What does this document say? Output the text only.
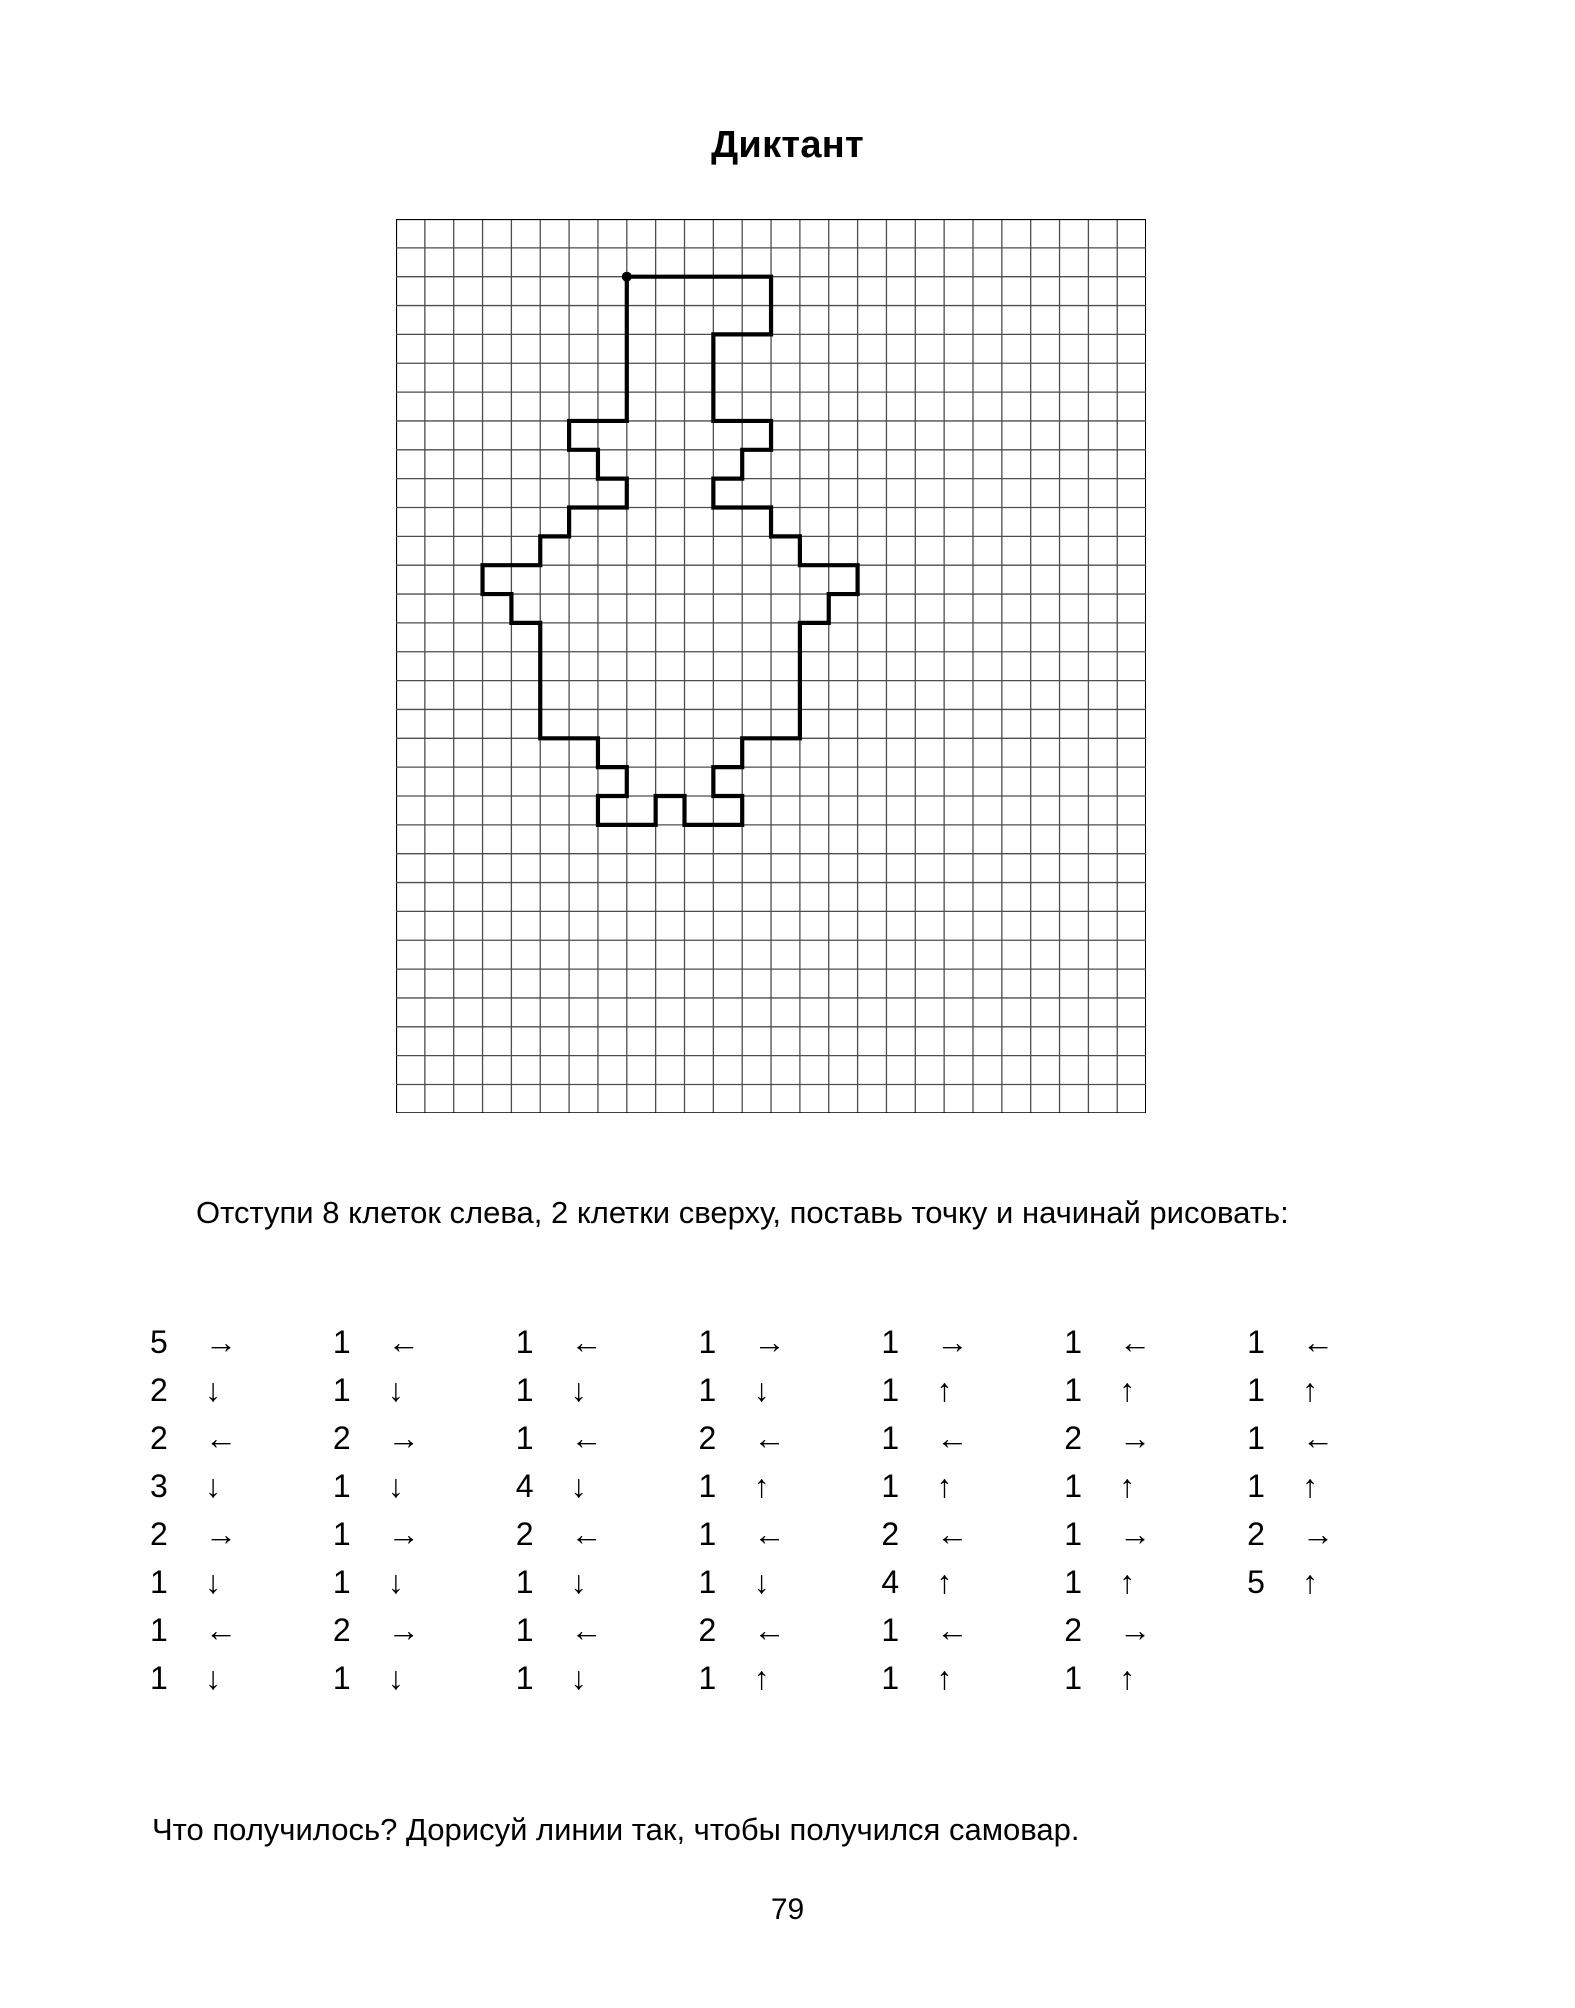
Диктант
Отступи 8 клеток слева, 2 клетки сверху, поставь точку и начинай рисовать:
5	→	1	←	1	←	1	→	1	→	1	←	1	←
2	↓	1	↓	1	↓	1	↓	1	↑	1	↑	1	↑
2	←	2	→	1	←	2	←	1	←	2	→	1	←
3	↓	1	↓	4	↓	1	↑	1	↑	1	↑	1	↑
2	→	1	→	2	←	1	←	2	←	1	→	2	→
1	↓	1	↓	1	↓	1	↓	4	↑	1	↑	5	↑
1	←	2	→	1	←	2	←	1	←	2	→		
1	↓	1	↓	1	↓	1	↑	1	↑	1	↑		
Что получилось? Дорисуй линии так, чтобы получился самовар.
79
